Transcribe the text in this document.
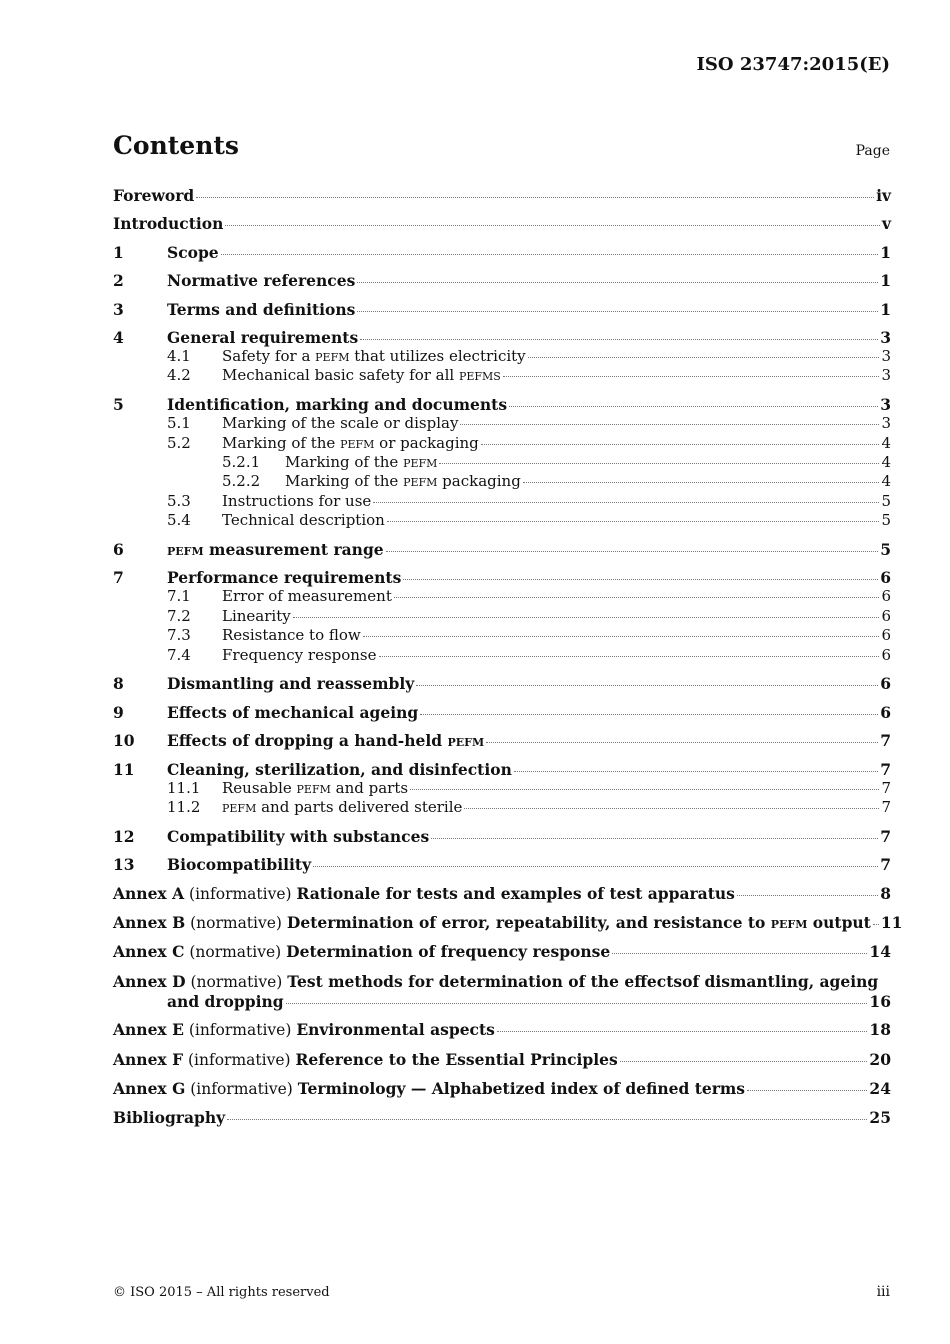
ISO 23747:2015(E)
Contents	Page
Foreword	iv
Introduction	v
1	Scope	1
2	Normative references	1
3	Terms and definitions	1
4	General requirements	3
4.1	Safety for a pefm that utilizes electricity	3
4.2	Mechanical basic safety for all pefms	3
5	Identification, marking and documents	3
5.1	Marking of the scale or display	3
5.2	Marking of the pefm or packaging	4
5.2.1	Marking of the pefm	4
5.2.2	Marking of the pefm packaging	4
5.3	Instructions for use	5
5.4	Technical description	5
6	pefm measurement range	5
7	Performance requirements	6
7.1	Error of measurement	6
7.2	Linearity	6
7.3	Resistance to flow	6
7.4	Frequency response	6
8	Dismantling and reassembly	6
9	Effects of mechanical ageing	6
10	Effects of dropping a hand-held pefm	7
11	Cleaning, sterilization, and disinfection	7
11.1	Reusable pefm and parts	7
11.2	pefm and parts delivered sterile	7
12	Compatibility with substances	7
13	Biocompatibility	7
Annex A (informative) Rationale for tests and examples of test apparatus	8
Annex B (normative) Determination of error, repeatability, and resistance to pefm output 11
Annex C (normative) Determination of frequency response	14
Annex D (normative) Test methods for determination of the effectsof dismantling, ageing
and dropping	16
Annex E (informative) Environmental aspects	18
Annex F (informative) Reference to the Essential Principles	20
Annex G (informative) Terminology — Alphabetized index of defined terms	24
Bibliography	25
© ISO 2015 – All rights reserved	iii
